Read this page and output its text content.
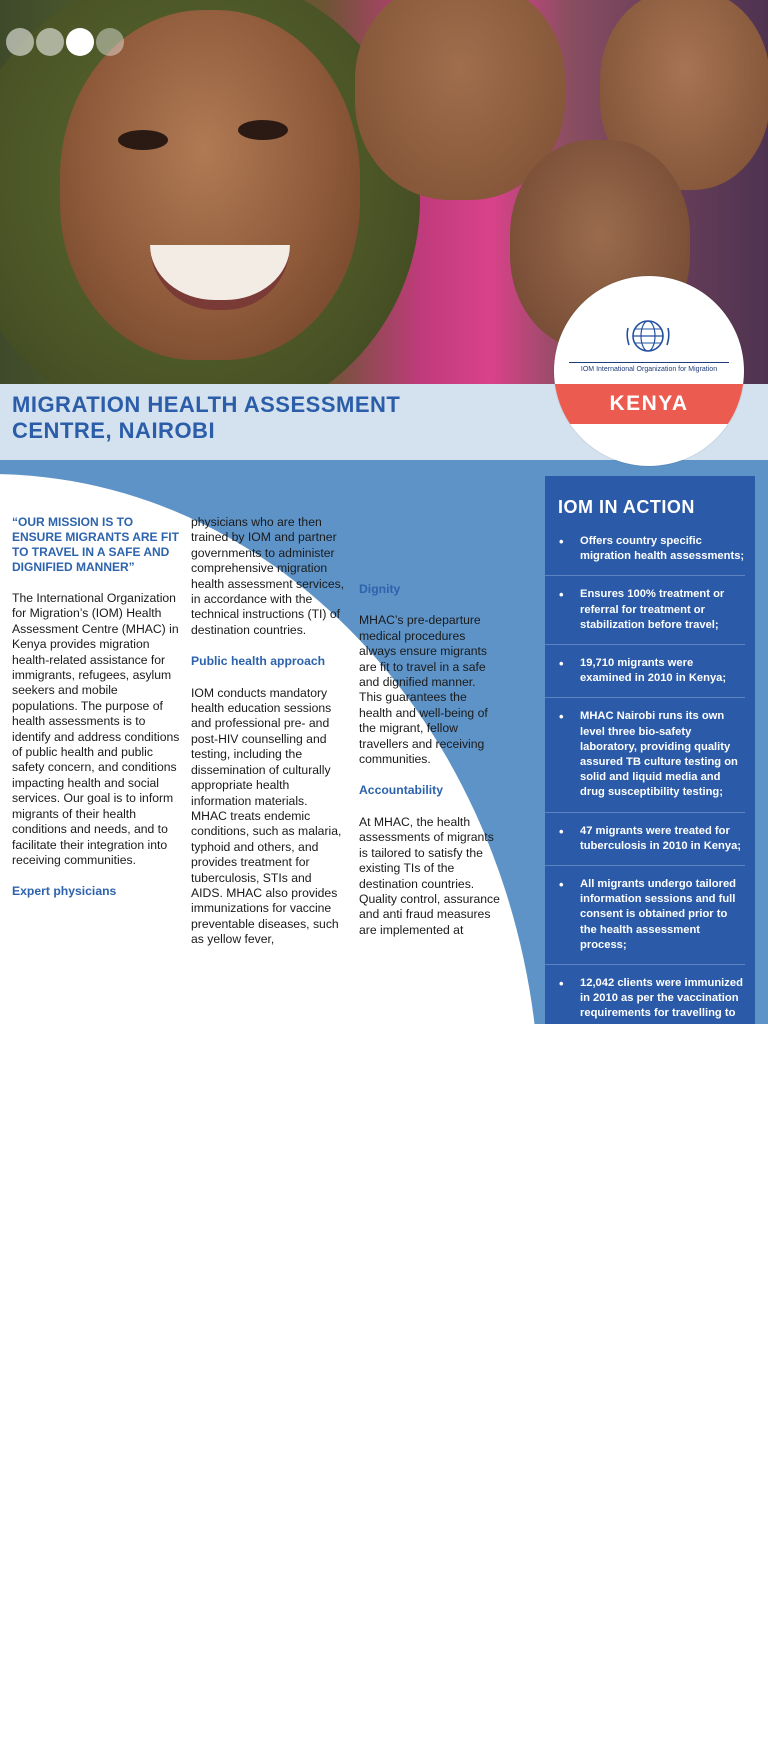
MIGRATION HEALTH ASSESSMENT
CENTRE, NAIROBI
IOM International Organization for Migration
KENYA

“OUR MISSION IS TO ENSURE MIGRANTS ARE FIT TO TRAVEL IN A SAFE AND DIGNIFIED MANNER”

The International Organization for Migration’s (IOM) Health Assessment Centre (MHAC) in Kenya provides migration health-related assistance for immigrants, refugees, asylum seekers and mobile populations. The purpose of health assessments is to identify and address conditions of public health and public safety concern, and conditions impacting health and social services. Our goal is to inform migrants of their health conditions and needs, and to facilitate their integration into receiving communities.

Expert physicians

physicians who are then trained by IOM and partner governments to administer comprehensive migration health assessment services, in accordance with the technical instructions (TI) of destination countries.

Public health approach

IOM conducts mandatory health education sessions and professional pre- and post-HIV counselling and testing, including the dissemination of culturally appropriate health information materials. MHAC treats endemic conditions, such as malaria, typhoid and others, and provides treatment for tuberculosis, STIs and AIDS. MHAC also provides immunizations for vaccine preventable diseases, such as yellow fever,

Dignity

MHAC’s pre-departure medical procedures always ensure migrants are fit to travel in a safe and dignified manner. This guarantees the health and well-being of the migrant, fellow travellers and receiving communities.

Accountability

At MHAC, the health assessments of migrants is tailored to satisfy the existing TIs of the destination countries. Quality control, assurance and anti fraud measures are implemented at

IOM IN ACTION
• Offers country specific migration health assessments;
• Ensures 100% treatment or referral for treatment or stabilization before travel;
• 19,710 migrants were examined in 2010 in Kenya;
• MHAC Nairobi runs its own level three bio-safety laboratory, providing quality assured TB culture testing on solid and liquid media and drug susceptibility testing;
• 47 migrants were treated for tuberculosis in 2010 in Kenya;
• All migrants undergo tailored information sessions and full consent is obtained prior to the health assessment process;
• 12,042 clients were immunized in 2010 as per the vaccination requirements for travelling to the United States.
